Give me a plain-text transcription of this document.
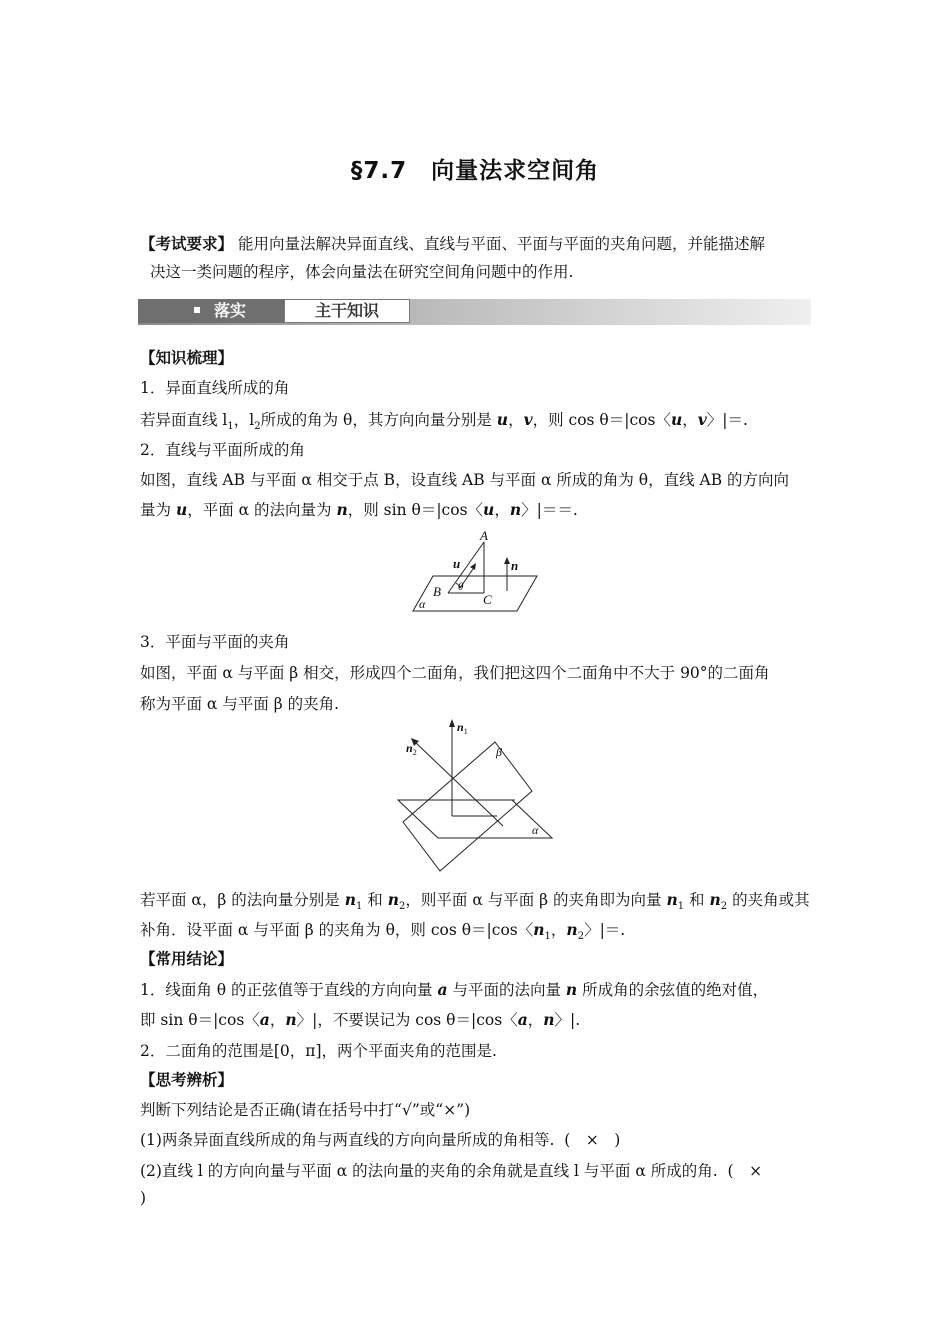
§7.7　向量法求空间角
【考试要求】 能用向量法解决异面直线、直线与平面、平面与平面的夹角问题，并能描述解
决这一类问题的程序，体会向量法在研究空间角问题中的作用.
落实	主干知识
【知识梳理】
1．异面直线所成的角
若异面直线 $l_1$，$l_2$所成的角为 θ，其方向向量分别是 u，v，则 cos θ＝|cos〈u，v〉|＝.
2．直线与平面所成的角
如图，直线 AB 与平面 α 相交于点 B，设直线 AB 与平面 α 所成的角为 θ，直线 AB 的方向向
量为 u，平面 α 的法向量为 n，则 sin θ＝|cos〈u，n〉|＝＝.
A
u	n
θ
B
C
α
3．平面与平面的夹角
如图，平面 α 与平面 β 相交，形成四个二面角，我们把这四个二面角中不大于 90°的二面角
称为平面 α 与平面 β 的夹角.
$n_1$
$n_2$	β
α
若平面 α，β 的法向量分别是 $n_1$ 和 $n_2$，则平面 α 与平面 β 的夹角即为向量 $n_1$ 和 $n_2$ 的夹角或其
补角．设平面 α 与平面 β 的夹角为 θ，则 cos θ＝|cos〈$n_1$，$n_2$〉|＝.
【常用结论】
1．线面角 θ 的正弦值等于直线的方向向量 a 与平面的法向量 n 所成角的余弦值的绝对值，
即 sin θ＝|cos〈a，n〉|，不要误记为 cos θ＝|cos〈a，n〉|.
2．二面角的范围是[0，π]，两个平面夹角的范围是.
【思考辨析】
判断下列结论是否正确(请在括号中打“√”或“×”)
(1)两条异面直线所成的角与两直线的方向向量所成的角相等. (　×　)
(2)直线 l 的方向向量与平面 α 的法向量的夹角的余角就是直线 l 与平面 α 所成的角. (　×
)
